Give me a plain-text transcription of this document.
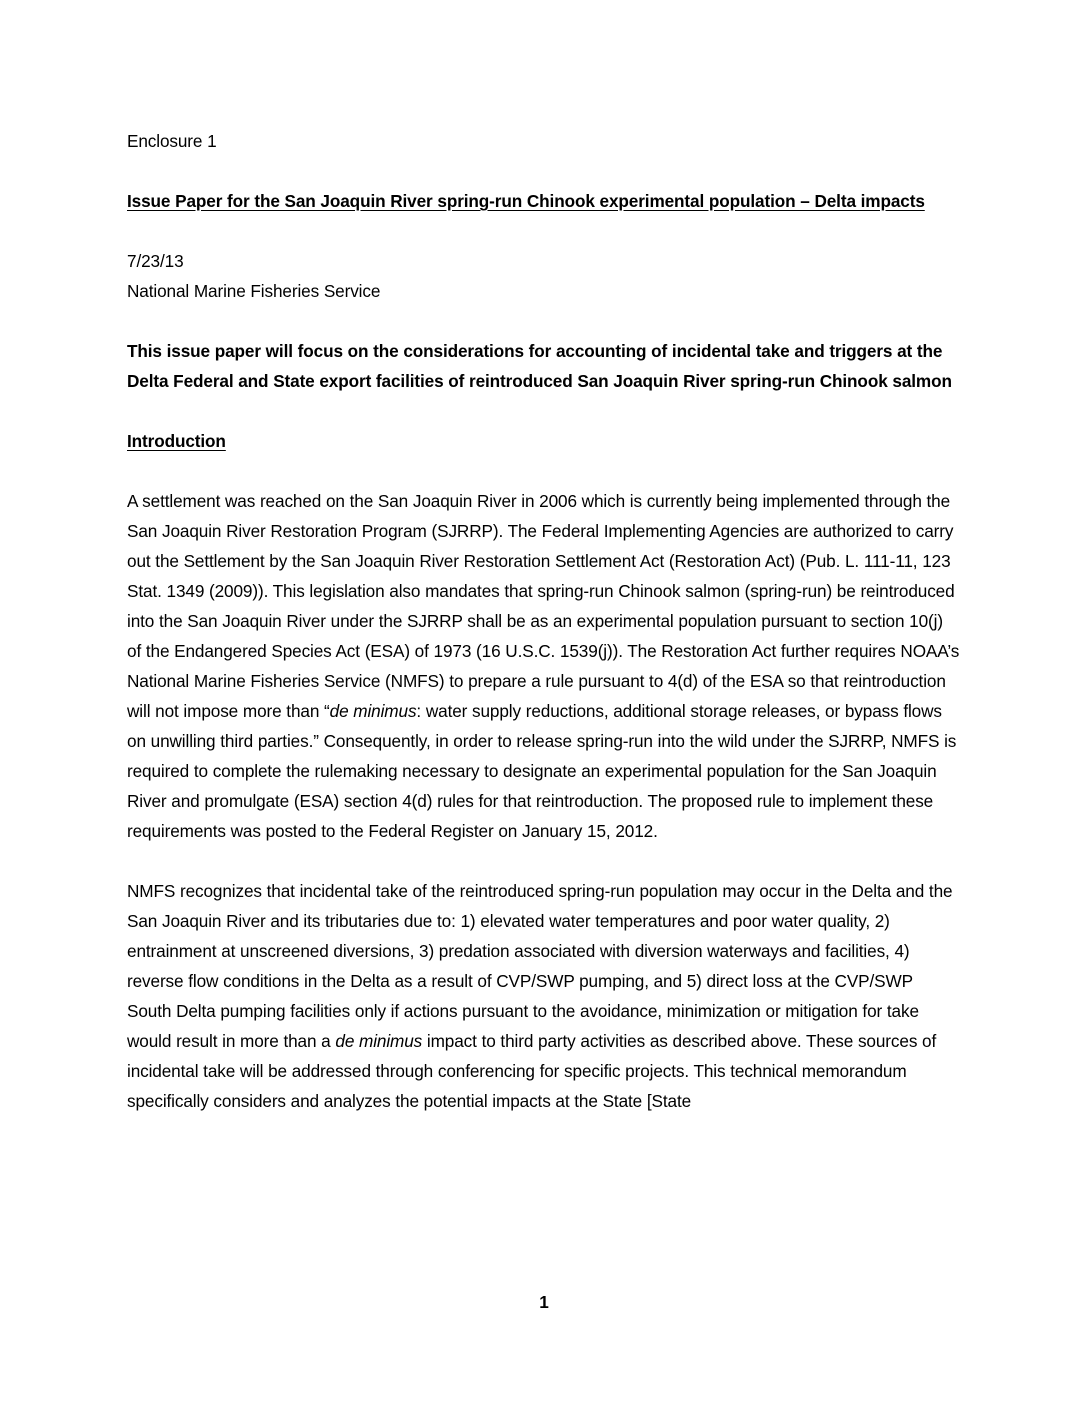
Enclosure 1
Issue Paper for the San Joaquin River spring-run Chinook experimental population – Delta impacts
7/23/13
National Marine Fisheries Service
This issue paper will focus on the considerations for accounting of incidental take and triggers at the Delta Federal and State export facilities of reintroduced San Joaquin River spring-run Chinook salmon
Introduction
A settlement was reached on the San Joaquin River in 2006 which is currently being implemented through the San Joaquin River Restoration Program (SJRRP). The Federal Implementing Agencies are authorized to carry out the Settlement by the San Joaquin River Restoration Settlement Act (Restoration Act) (Pub. L. 111-11, 123 Stat. 1349 (2009)). This legislation also mandates that spring-run Chinook salmon (spring-run) be reintroduced into the San Joaquin River under the SJRRP shall be as an experimental population pursuant to section 10(j) of the Endangered Species Act (ESA) of 1973 (16 U.S.C. 1539(j)). The Restoration Act further requires NOAA’s National Marine Fisheries Service (NMFS) to prepare a rule pursuant to 4(d) of the ESA so that reintroduction will not impose more than “de minimus: water supply reductions, additional storage releases, or bypass flows on unwilling third parties.” Consequently, in order to release spring-run into the wild under the SJRRP, NMFS is required to complete the rulemaking necessary to designate an experimental population for the San Joaquin River and promulgate (ESA) section 4(d) rules for that reintroduction. The proposed rule to implement these requirements was posted to the Federal Register on January 15, 2012.
NMFS recognizes that incidental take of the reintroduced spring-run population may occur in the Delta and the San Joaquin River and its tributaries due to: 1) elevated water temperatures and poor water quality, 2) entrainment at unscreened diversions, 3) predation associated with diversion waterways and facilities, 4) reverse flow conditions in the Delta as a result of CVP/SWP pumping, and 5) direct loss at the CVP/SWP South Delta pumping facilities only if actions pursuant to the avoidance, minimization or mitigation for take would result in more than a de minimus impact to third party activities as described above. These sources of incidental take will be addressed through conferencing for specific projects. This technical memorandum specifically considers and analyzes the potential impacts at the State [State
1
